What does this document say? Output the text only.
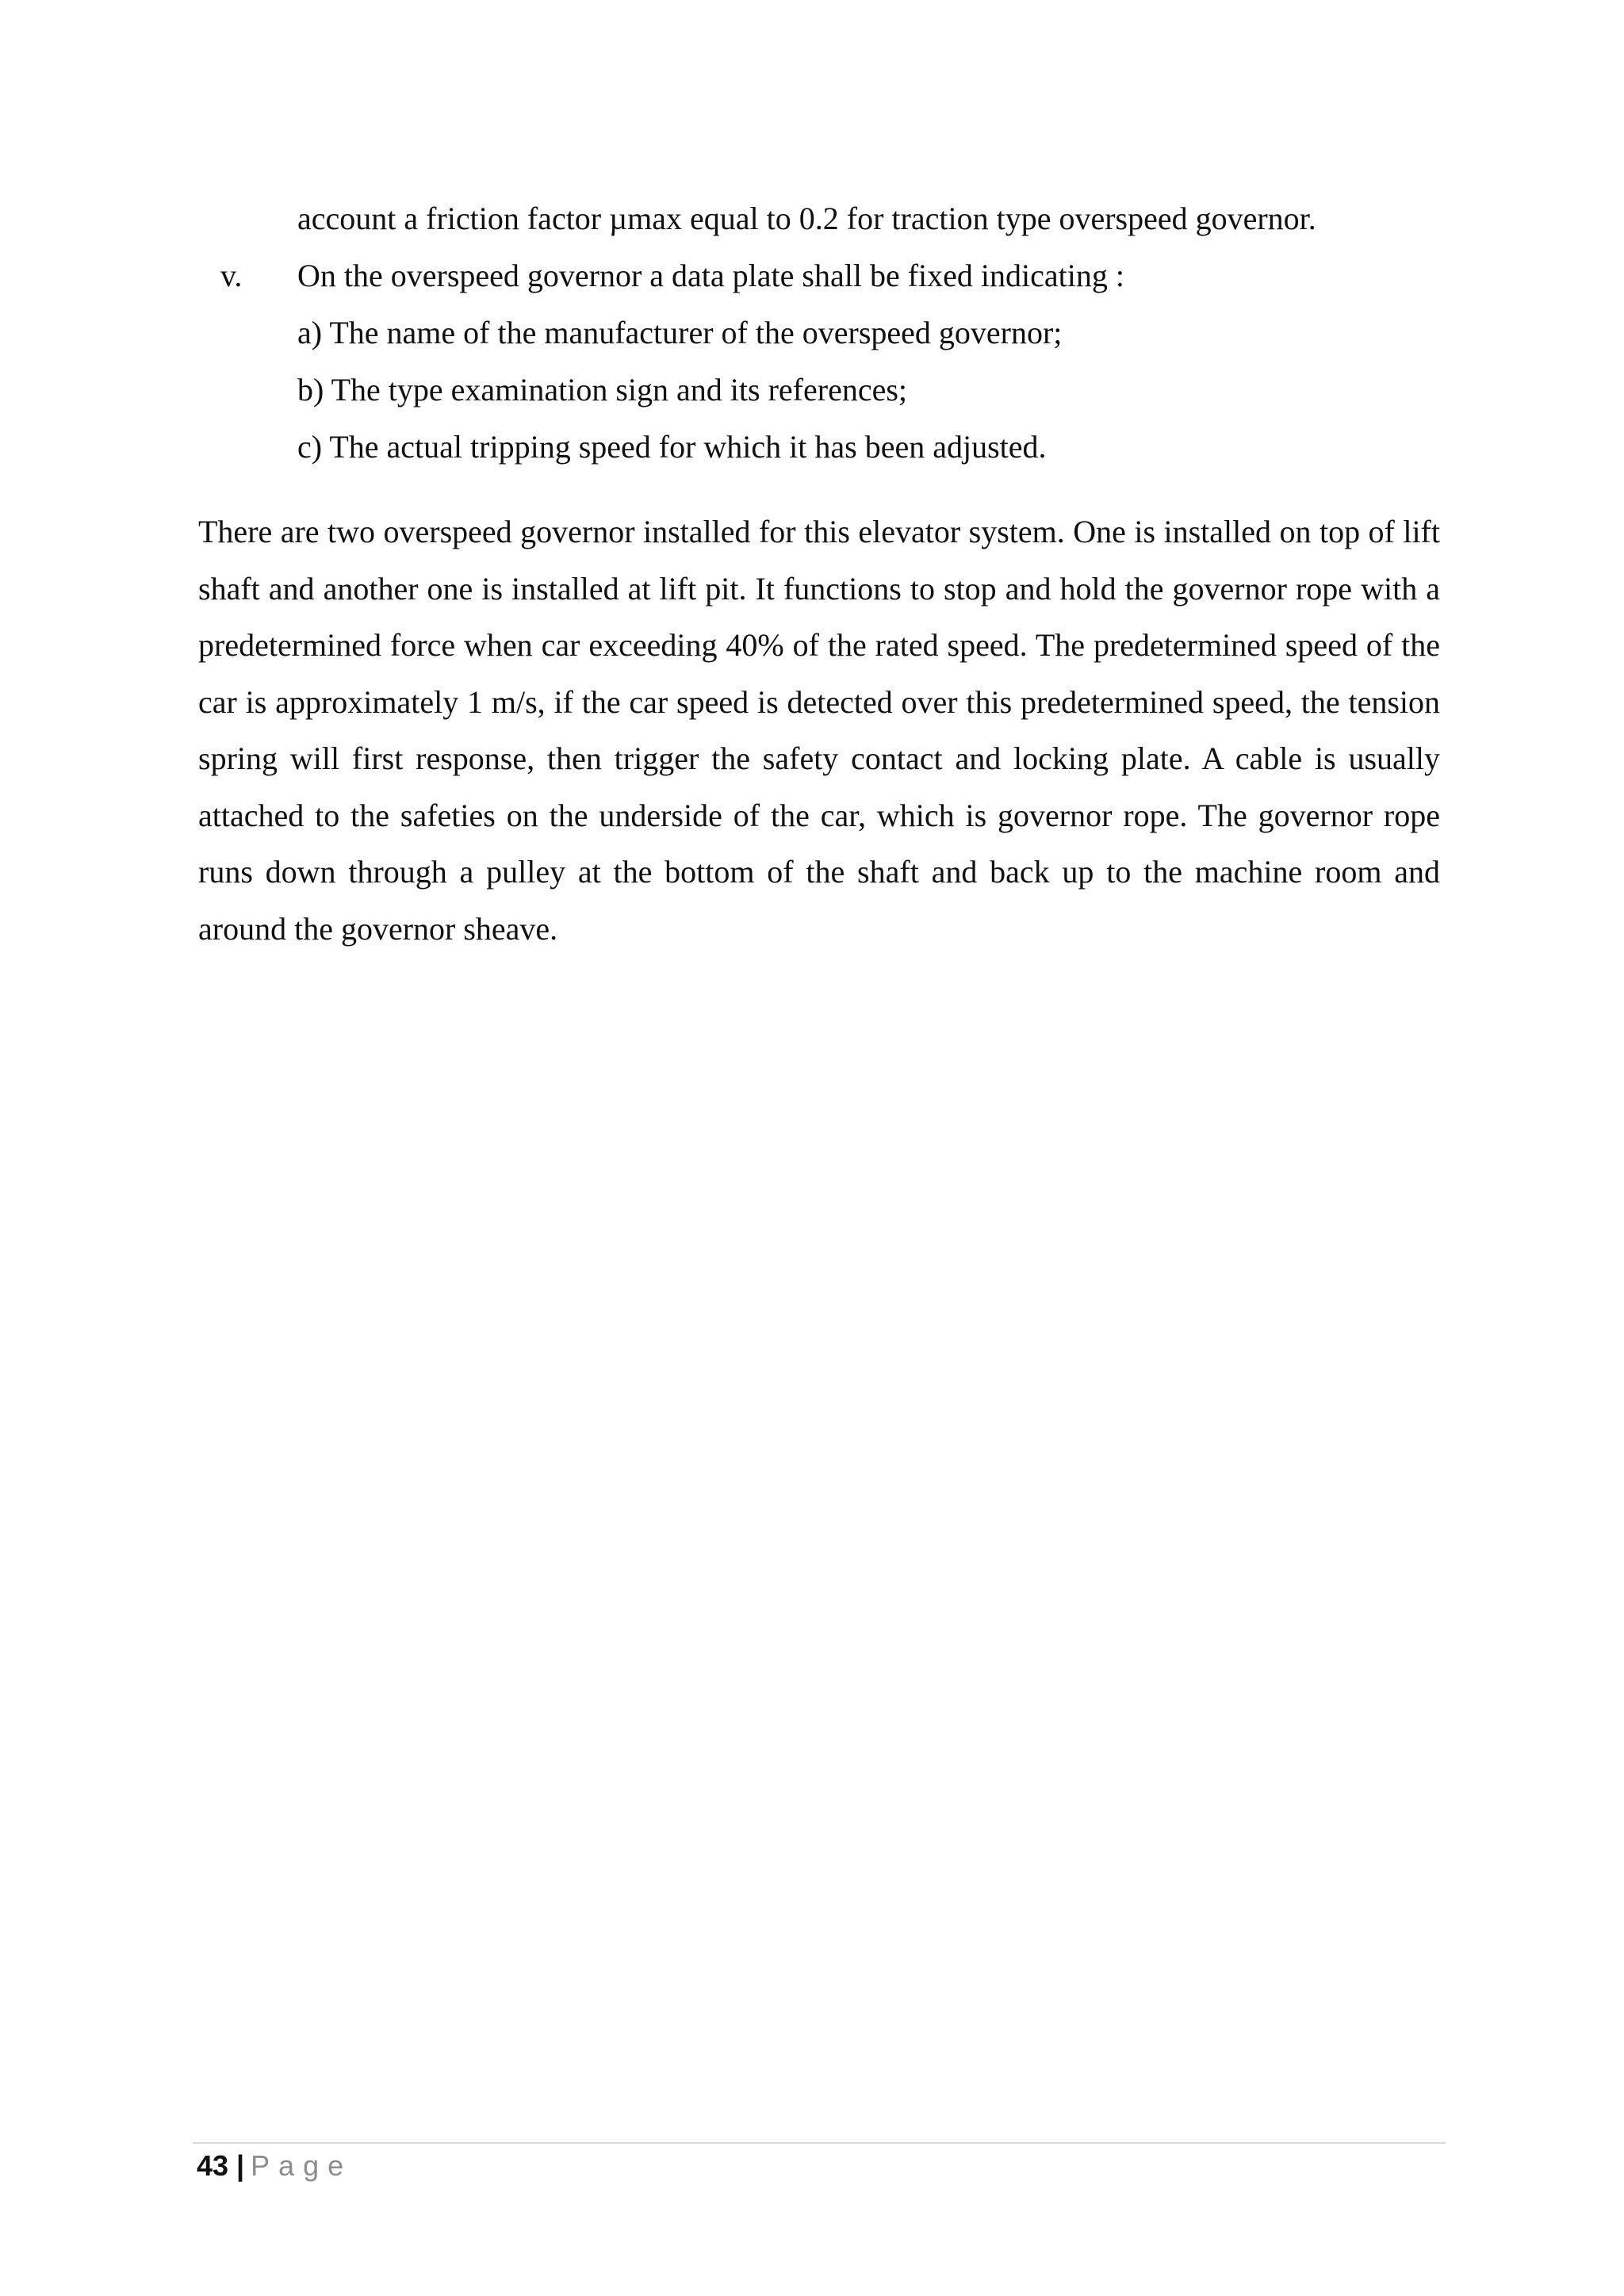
account a friction factor µmax equal to 0.2 for traction type overspeed governor.
v. On the overspeed governor a data plate shall be fixed indicating :
a) The name of the manufacturer of the overspeed governor;
b) The type examination sign and its references;
c) The actual tripping speed for which it has been adjusted.

There are two overspeed governor installed for this elevator system. One is installed on top of lift shaft and another one is installed at lift pit. It functions to stop and hold the governor rope with a predetermined force when car exceeding 40% of the rated speed. The predetermined speed of the car is approximately 1 m/s, if the car speed is detected over this predetermined speed, the tension spring will first response, then trigger the safety contact and locking plate. A cable is usually attached to the safeties on the underside of the car, which is governor rope. The governor rope runs down through a pulley at the bottom of the shaft and back up to the machine room and around the governor sheave.

43 | Page
